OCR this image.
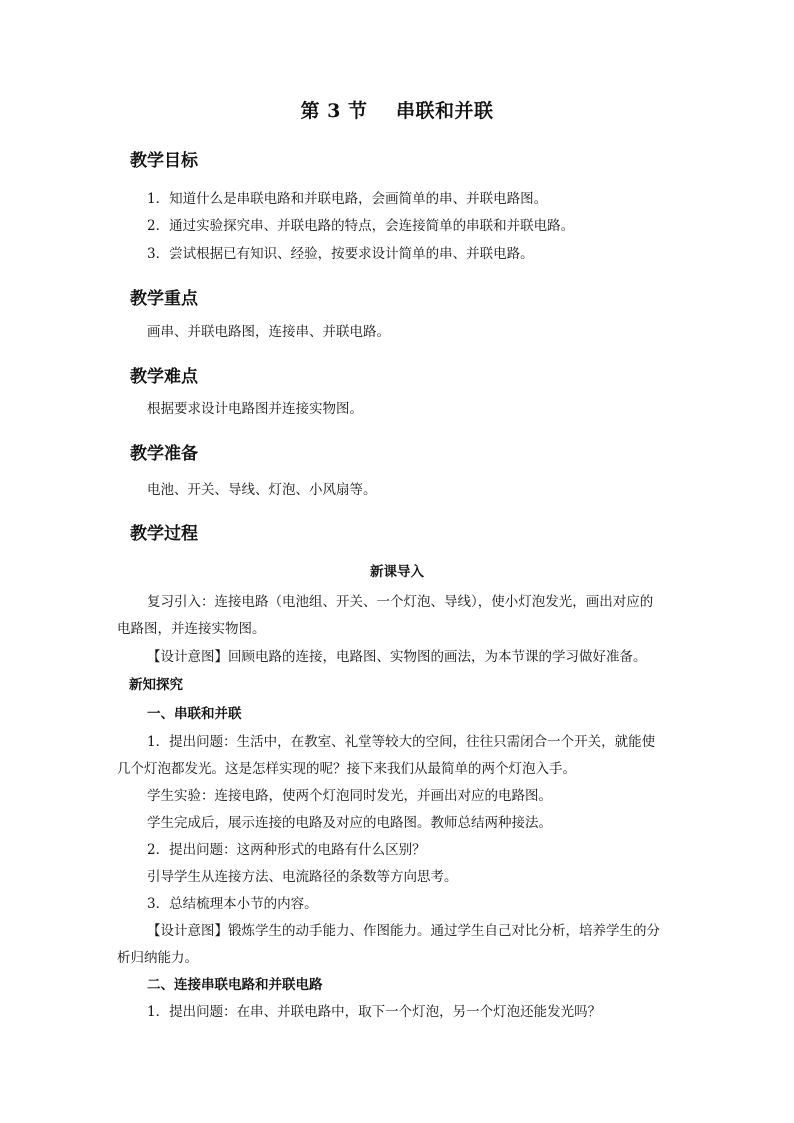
第 3 节    串联和并联
教学目标
1．知道什么是串联电路和并联电路，会画简单的串、并联电路图。
2．通过实验探究串、并联电路的特点，会连接简单的串联和并联电路。
3．尝试根据已有知识、经验，按要求设计简单的串、并联电路。
教学重点
画串、并联电路图，连接串、并联电路。
教学难点
根据要求设计电路图并连接实物图。
教学准备
电池、开关、导线、灯泡、小风扇等。
教学过程
新课导入
复习引入：连接电路（电池组、开关、一个灯泡、导线），使小灯泡发光，画出对应的
电路图，并连接实物图。
【设计意图】回顾电路的连接，电路图、实物图的画法，为本节课的学习做好准备。
新知探究
一、串联和并联
1．提出问题：生活中，在教室、礼堂等较大的空间，往往只需闭合一个开关，就能使
几个灯泡都发光。这是怎样实现的呢？接下来我们从最简单的两个灯泡入手。
学生实验：连接电路，使两个灯泡同时发光，并画出对应的电路图。
学生完成后，展示连接的电路及对应的电路图。教师总结两种接法。
2．提出问题：这两种形式的电路有什么区别？
引导学生从连接方法、电流路径的条数等方向思考。
3．总结梳理本小节的内容。
【设计意图】锻炼学生的动手能力、作图能力。通过学生自己对比分析，培养学生的分
析归纳能力。
二、连接串联电路和并联电路
1．提出问题：在串、并联电路中，取下一个灯泡，另一个灯泡还能发光吗？
